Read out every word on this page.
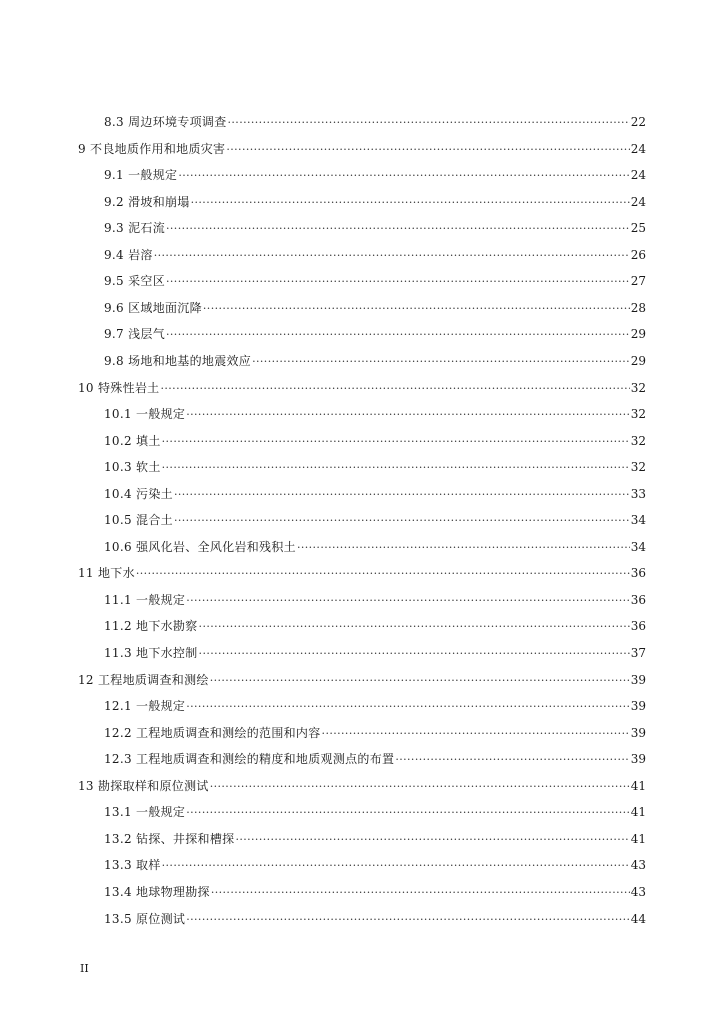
8.3 周边环境专项调查 ·····	22
9 不良地质作用和地质灾害 ·····	24
9.1 一般规定 ·····	24
9.2 滑坡和崩塌 ·····	24
9.3 泥石流 ·····	25
9.4 岩溶 ·····	26
9.5 采空区 ·····	27
9.6 区域地面沉降 ·····	28
9.7 浅层气 ·····	29
9.8 场地和地基的地震效应 ·····	29
10 特殊性岩土 ·····	32
10.1 一般规定 ·····	32
10.2 填土 ·····	32
10.3 软土 ·····	32
10.4 污染土 ·····	33
10.5 混合土 ·····	34
10.6 强风化岩、全风化岩和残积土 ·····	34
11 地下水 ·····	36
11.1 一般规定 ·····	36
11.2 地下水勘察 ·····	36
11.3 地下水控制 ·····	37
12 工程地质调查和测绘 ·····	39
12.1 一般规定 ·····	39
12.2 工程地质调查和测绘的范围和内容 ·····	39
12.3 工程地质调查和测绘的精度和地质观测点的布置 ·····	39
13 勘探取样和原位测试 ·····	41
13.1 一般规定 ·····	41
13.2 钻探、井探和槽探 ·····	41
13.3 取样 ·····	43
13.4 地球物理勘探 ·····	43
13.5 原位测试 ·····	44
II
